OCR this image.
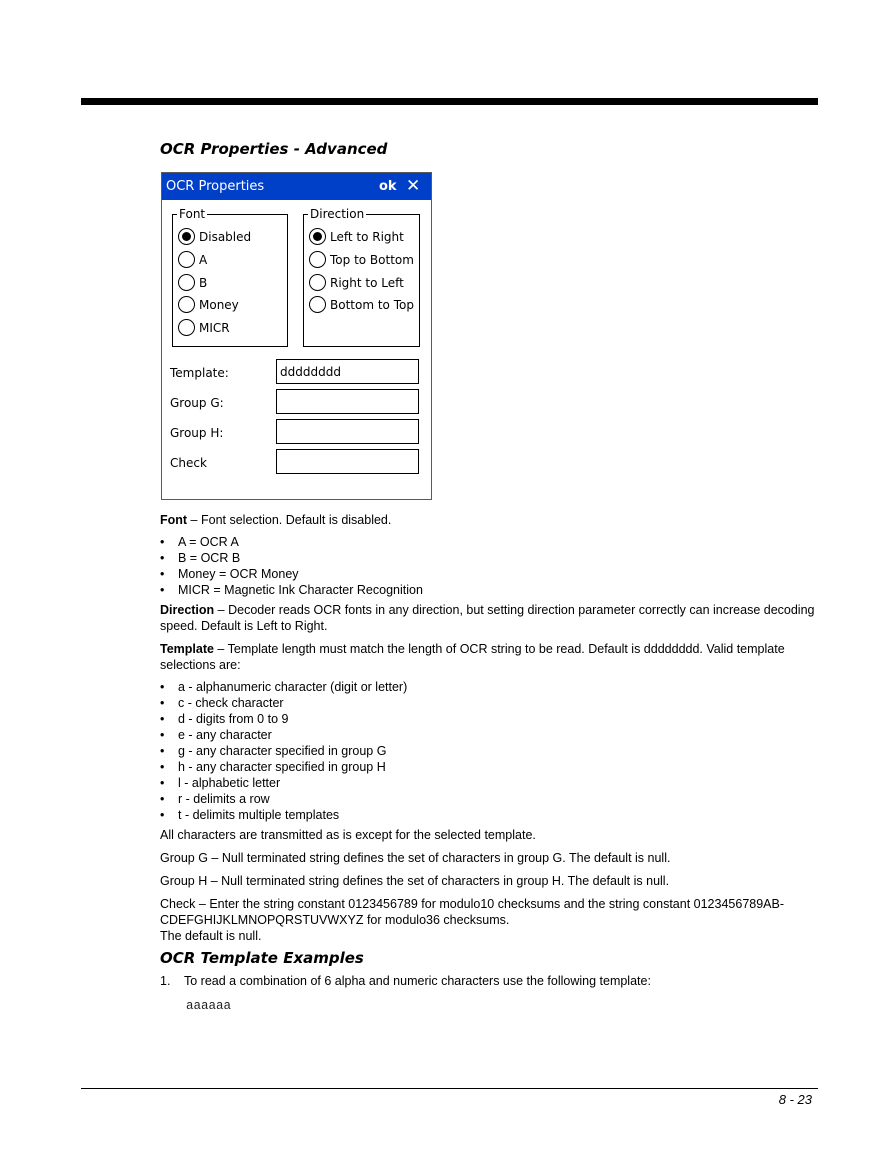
OCR Properties - Advanced
OCR Properties	ok ✕
Font
Disabled
A
B
Money
MICR
Direction
Left to Right
Top to Bottom
Right to Left
Bottom to Top
Template:
dddddddd
Group G:
Group H:
Check

Font – Font selection. Default is disabled.

• A = OCR A
• B = OCR B
• Money = OCR Money
• MICR = Magnetic Ink Character Recognition

Direction – Decoder reads OCR fonts in any direction, but setting direction parameter correctly can increase decoding speed. Default is Left to Right.

Template – Template length must match the length of OCR string to be read. Default is dddddddd. Valid template selections are:

• a - alphanumeric character (digit or letter)
• c - check character
• d - digits from 0 to 9
• e - any character
• g - any character specified in group G
• h - any character specified in group H
• l - alphabetic letter
• r - delimits a row
• t - delimits multiple templates

All characters are transmitted as is except for the selected template.

Group G – Null terminated string defines the set of characters in group G. The default is null.

Group H – Null terminated string defines the set of characters in group H. The default is null.

Check – Enter the string constant 0123456789 for modulo10 checksums and the string constant 0123456789AB-

CDEFGHIJKLMNOPQRSTUVWXYZ for modulo36 checksums.

The default is null.

OCR Template Examples

1. To read a combination of 6 alpha and numeric characters use the following template:

aaaaaa

8 - 23
